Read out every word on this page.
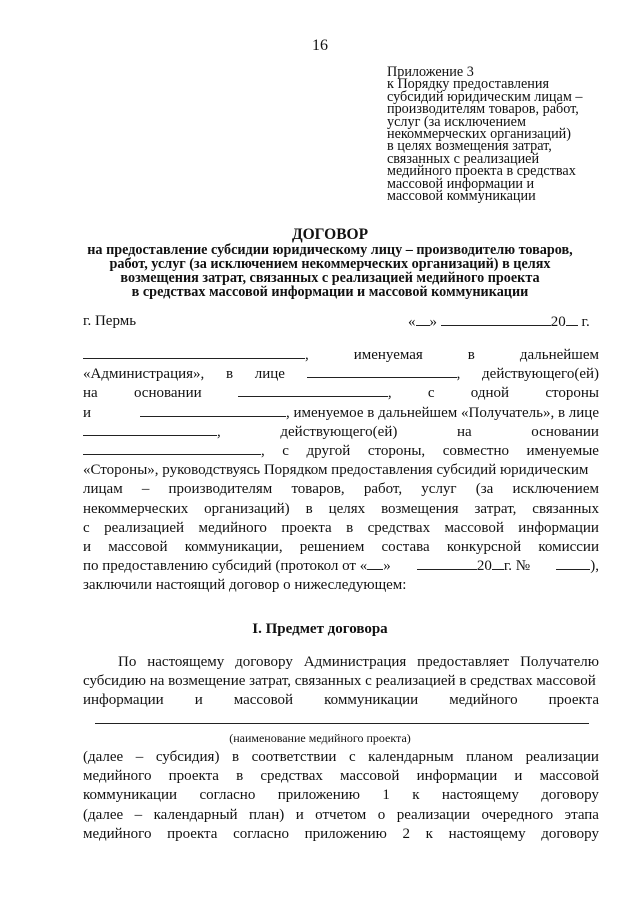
16
Приложение 3
к Порядку предоставления
субсидий юридическим лицам –
производителям товаров, работ,
услуг (за исключением
некоммерческих организаций)
в целях возмещения затрат,
связанных с реализацией
медийного проекта в средствах
массовой информации и
массовой коммуникации
ДОГОВОР
на предоставление субсидии юридическому лицу – производителю товаров,
работ, услуг (за исключением некоммерческих организаций) в целях
возмещения затрат, связанных с реализацией медийного проекта
в средствах массовой информации и массовой коммуникации
г. Пермь	« »	20 г.
,	именуемая	в	дальнейшем
«Администрация», в лице	, действующего(ей)
на основании	, с одной стороны
и	, именуемое в дальнейшем «Получатель», в лице
,	действующего(ей)	на	основании
, с другой стороны, совместно именуемые
«Стороны», руководствуясь Порядком предоставления субсидий юридическим
лицам – производителям товаров, работ, услуг (за исключением
некоммерческих организаций) в целях возмещения затрат, связанных
с реализацией медийного проекта в средствах массовой информации
и массовой коммуникации, решением состава конкурсной комиссии
по предоставлению субсидий (протокол от « »	20 г. №	),
заключили настоящий договор о нижеследующем:
I. Предмет договора
По настоящему договору Администрация предоставляет Получателю
субсидию на возмещение затрат, связанных с реализацией в средствах массовой
информации и массовой коммуникации медийного проекта
(наименование медийного проекта)
(далее – субсидия) в соответствии с календарным планом реализации
медийного проекта в средствах массовой информации и массовой
коммуникации согласно приложению 1 к настоящему договору
(далее – календарный план) и отчетом о реализации очередного этапа
медийного проекта согласно приложению 2 к настоящему договору
